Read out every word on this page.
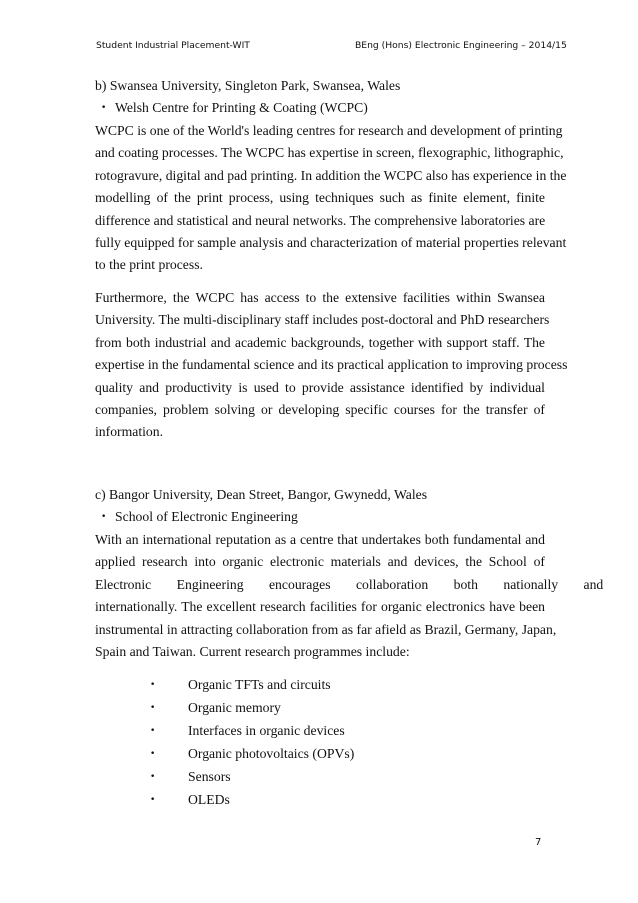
Student Industrial Placement-WIT	BEng (Hons) Electronic Engineering – 2014/15
b) Swansea University, Singleton Park, Swansea, Wales
• Welsh Centre for Printing & Coating (WCPC)
WCPC is one of the World's leading centres for research and development of printing
and coating processes. The WCPC has expertise in screen, flexographic, lithographic,
rotogravure, digital and pad printing. In addition the WCPC also has experience in the
modelling of the print process, using techniques such as finite element, finite
difference and statistical and neural networks. The comprehensive laboratories are
fully equipped for sample analysis and characterization of material properties relevant
to the print process.
Furthermore, the WCPC has access to the extensive facilities within Swansea
University. The multi-disciplinary staff includes post-doctoral and PhD researchers
from both industrial and academic backgrounds, together with support staff. The
expertise in the fundamental science and its practical application to improving process
quality and productivity is used to provide assistance identified by individual
companies, problem solving or developing specific courses for the transfer of
information.
c) Bangor University, Dean Street, Bangor, Gwynedd, Wales
• School of Electronic Engineering
With an international reputation as a centre that undertakes both fundamental and
applied research into organic electronic materials and devices, the School of
Electronic Engineering encourages collaboration both nationally and
internationally. The excellent research facilities for organic electronics have been
instrumental in attracting collaboration from as far afield as Brazil, Germany, Japan,
Spain and Taiwan. Current research programmes include:
• Organic TFTs and circuits
• Organic memory
• Interfaces in organic devices
• Organic photovoltaics (OPVs)
• Sensors
• OLEDs
7
